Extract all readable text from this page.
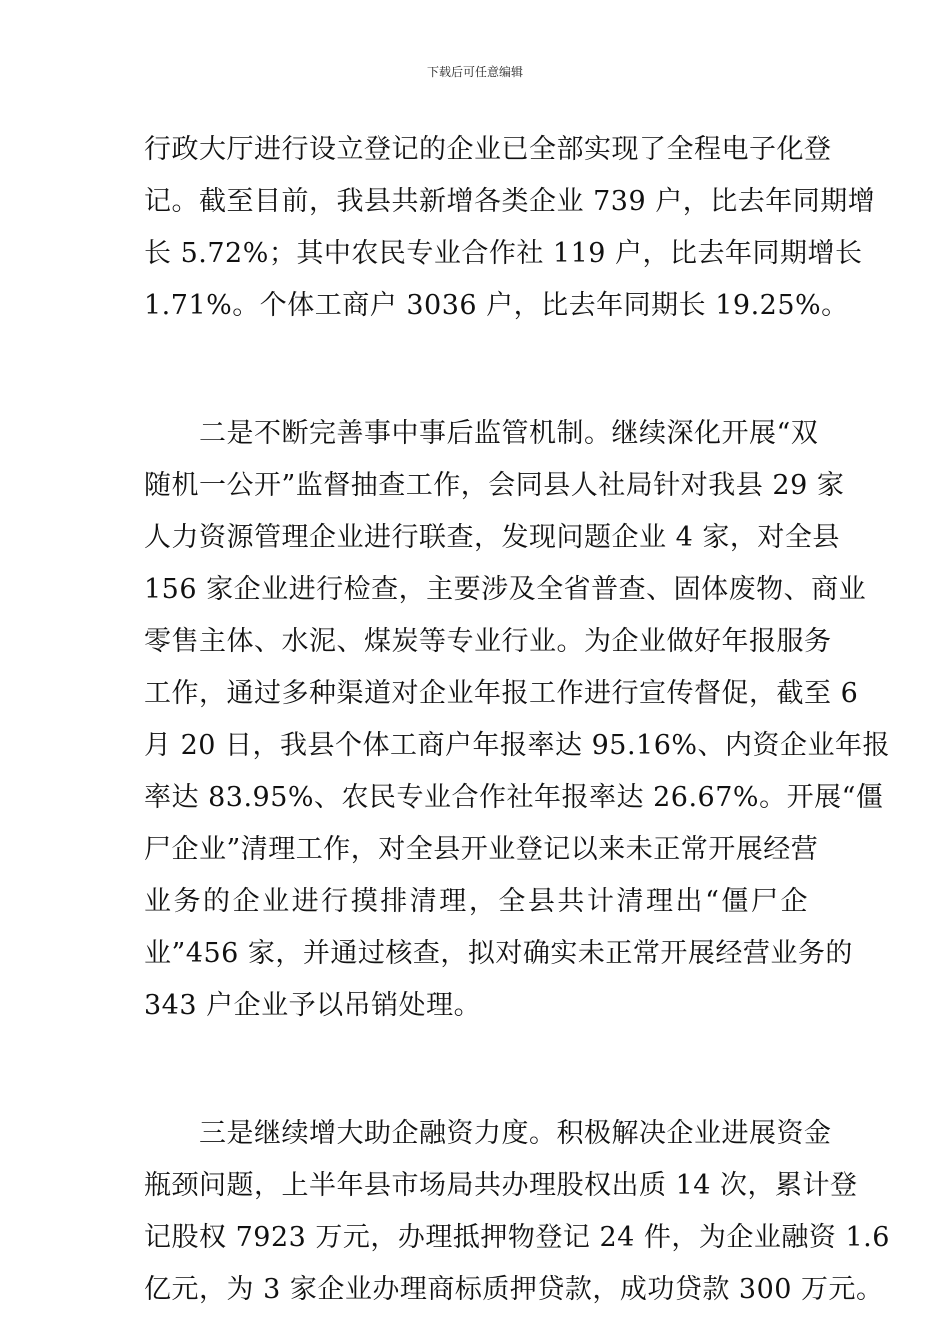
下载后可任意编辑
行政大厅进行设立登记的企业已全部实现了全程电子化登
记。截至目前，我县共新增各类企业 739 户，比去年同期增
长 5.72%；其中农民专业合作社 119 户，比去年同期增长
1.71%。个体工商户 3036 户，比去年同期长 19.25%。
　　二是不断完善事中事后监管机制。继续深化开展“双
随机一公开”监督抽查工作，会同县人社局针对我县 29 家
人力资源管理企业进行联查，发现问题企业 4 家，对全县
156 家企业进行检查，主要涉及全省普查、固体废物、商业
零售主体、水泥、煤炭等专业行业。为企业做好年报服务
工作，通过多种渠道对企业年报工作进行宣传督促，截至 6
月 20 日，我县个体工商户年报率达 95.16%、内资企业年报
率达 83.95%、农民专业合作社年报率达 26.67%。开展“僵
尸企业”清理工作，对全县开业登记以来未正常开展经营
业务的企业进行摸排清理，全县共计清理出“僵尸企
业”456 家，并通过核查，拟对确实未正常开展经营业务的
343 户企业予以吊销处理。
　　三是继续增大助企融资力度。积极解决企业进展资金
瓶颈问题，上半年县市场局共办理股权出质 14 次，累计登
记股权 7923 万元，办理抵押物登记 24 件，为企业融资 1.6
亿元，为 3 家企业办理商标质押贷款，成功贷款 300 万元。
